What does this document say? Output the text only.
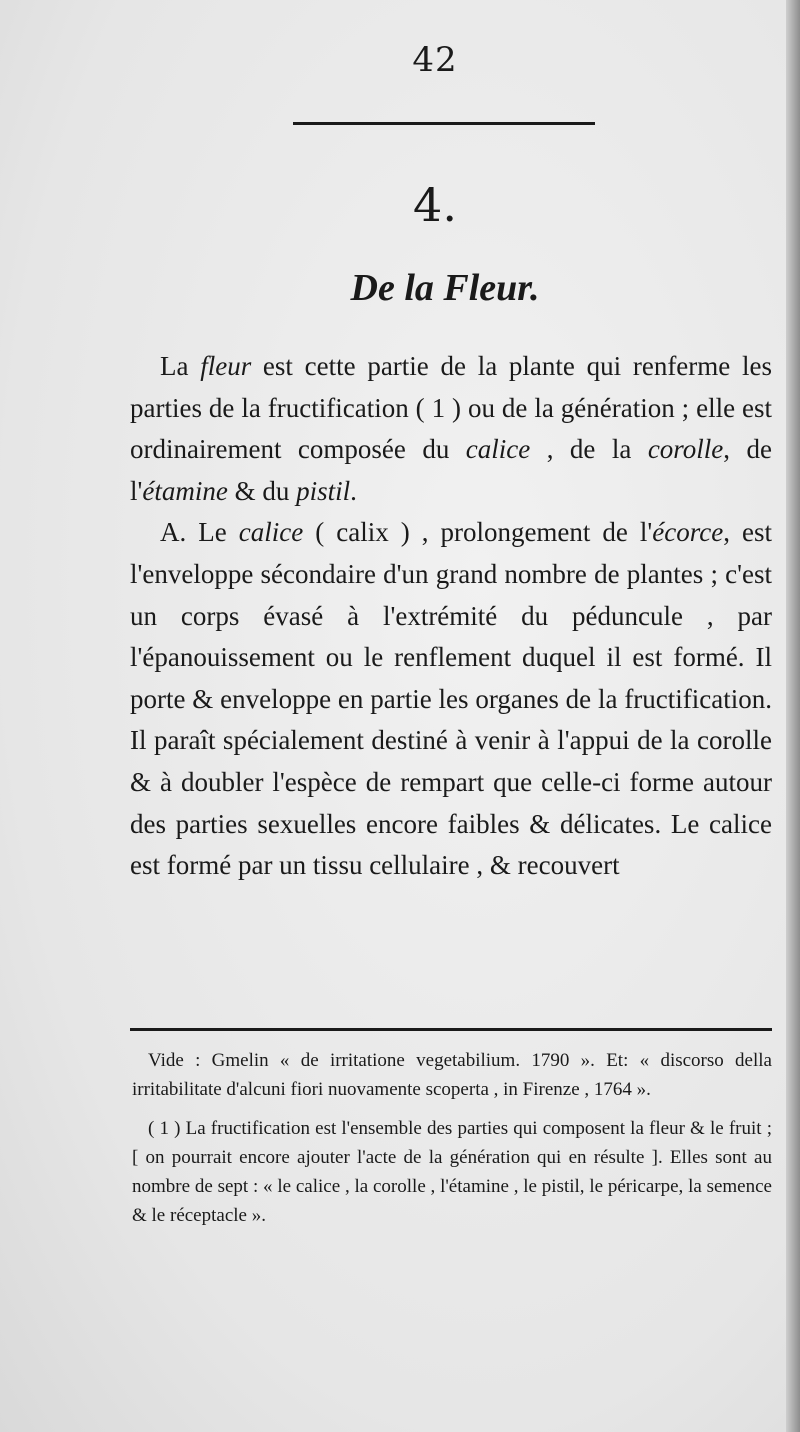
42
4.
De la Fleur.

La fleur est cette partie de la plante qui renferme les parties de la fructification ( 1 ) ou de la génération ; elle est ordinairement composée du calice , de la corolle, de l'étamine & du pistil.

A. Le calice ( calix ) , prolongement de l'écorce, est l'enveloppe sécondaire d'un grand nombre de plantes ; c'est un corps évasé à l'extrémité du péduncule , par l'épanouissement ou le renflement duquel il est formé. Il porte & enveloppe en partie les organes de la fructification. Il paraît spécialement destiné à venir à l'appui de la corolle & à doubler l'espèce de rempart que celle-ci forme autour des parties sexuelles encore faibles & délicates. Le calice est formé par un tissu cellulaire , & recouvert

Vide : Gmelin « de irritatione vegetabilium. 1790 ». Et: « discorso della irritabilitate d'alcuni fiori nuovamente scoperta , in Firenze , 1764 ».

( 1 ) La fructification est l'ensemble des parties qui composent la fleur & le fruit ; [ on pourrait encore ajouter l'acte de la génération qui en résulte ]. Elles sont au nombre de sept : « le calice , la corolle , l'étamine , le pistil, le péricarpe, la semence & le réceptacle ».
